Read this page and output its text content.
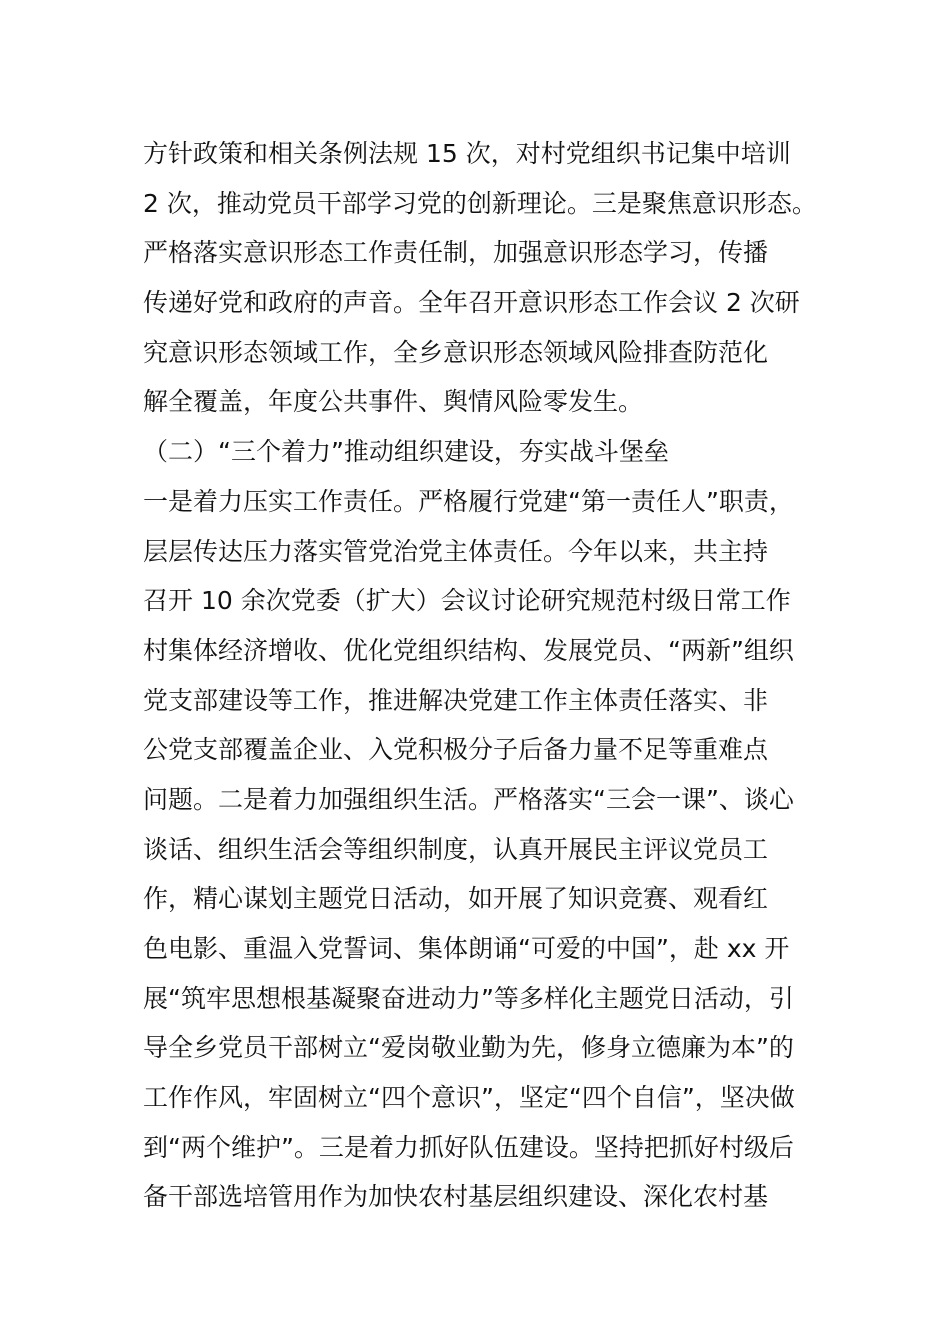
方针政策和相关条例法规 15 次，对村党组织书记集中培训
2 次，推动党员干部学习党的创新理论。三是聚焦意识形态。
严格落实意识形态工作责任制，加强意识形态学习，传播
传递好党和政府的声音。全年召开意识形态工作会议 2 次研
究意识形态领域工作，全乡意识形态领域风险排查防范化
解全覆盖，年度公共事件、舆情风险零发生。
（二）“三个着力”推动组织建设，夯实战斗堡垒
一是着力压实工作责任。严格履行党建“第一责任人”职责，
层层传达压力落实管党治党主体责任。今年以来，共主持
召开 10 余次党委（扩大）会议讨论研究规范村级日常工作
村集体经济增收、优化党组织结构、发展党员、“两新”组织
党支部建设等工作，推进解决党建工作主体责任落实、非
公党支部覆盖企业、入党积极分子后备力量不足等重难点
问题。二是着力加强组织生活。严格落实“三会一课”、谈心
谈话、组织生活会等组织制度，认真开展民主评议党员工
作，精心谋划主题党日活动，如开展了知识竞赛、观看红
色电影、重温入党誓词、集体朗诵“可爱的中国”，赴 xx 开
展“筑牢思想根基凝聚奋进动力”等多样化主题党日活动，引
导全乡党员干部树立“爱岗敬业勤为先，修身立德廉为本”的
工作作风，牢固树立“四个意识”，坚定“四个自信”，坚决做
到“两个维护”。三是着力抓好队伍建设。坚持把抓好村级后
备干部选培管用作为加快农村基层组织建设、深化农村基
